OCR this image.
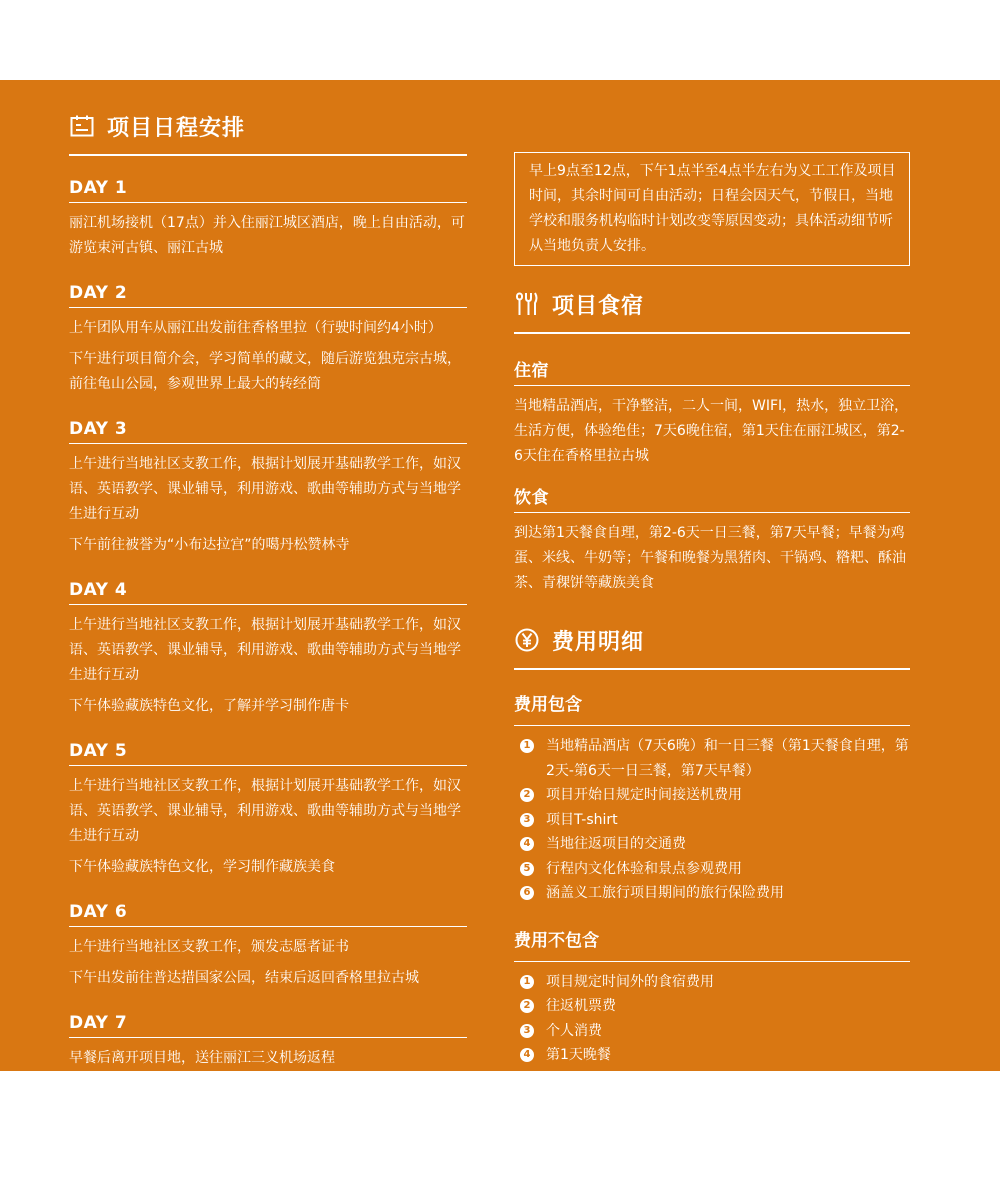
项目日程安排
DAY 1
丽江机场接机（17点）并入住丽江城区酒店，晚上自由活动，可游览束河古镇、丽江古城
DAY 2
上午团队用车从丽江出发前往香格里拉（行驶时间约4小时）
下午进行项目简介会，学习简单的藏文，随后游览独克宗古城，前往龟山公园，参观世界上最大的转经筒
DAY 3
上午进行当地社区支教工作，根据计划展开基础教学工作，如汉语、英语教学、课业辅导，利用游戏、歌曲等辅助方式与当地学生进行互动
下午前往被誉为“小布达拉宫”的噶丹松赞林寺
DAY 4
上午进行当地社区支教工作，根据计划展开基础教学工作，如汉语、英语教学、课业辅导，利用游戏、歌曲等辅助方式与当地学生进行互动
下午体验藏族特色文化，了解并学习制作唐卡
DAY 5
上午进行当地社区支教工作，根据计划展开基础教学工作，如汉语、英语教学、课业辅导，利用游戏、歌曲等辅助方式与当地学生进行互动
下午体验藏族特色文化，学习制作藏族美食
DAY 6
上午进行当地社区支教工作，颁发志愿者证书
下午出发前往普达措国家公园，结束后返回香格里拉古城
DAY 7
早餐后离开项目地，送往丽江三义机场返程
早上9点至12点，下午1点半至4点半左右为义工工作及项目时间，其余时间可自由活动；日程会因天气，节假日，当地学校和服务机构临时计划改变等原因变动；具体活动细节听从当地负责人安排。
项目食宿
住宿
当地精品酒店，干净整洁，二人一间，WIFI，热水，独立卫浴，生活方便，体验绝佳；7天6晚住宿，第1天住在丽江城区，第2-6天住在香格里拉古城
饮食
到达第1天餐食自理，第2-6天一日三餐，第7天早餐；早餐为鸡蛋、米线、牛奶等；午餐和晚餐为黑猪肉、干锅鸡、糌粑、酥油茶、青稞饼等藏族美食
费用明细
费用包含
1 当地精品酒店（7天6晚）和一日三餐（第1天餐食自理，第2天-第6天一日三餐，第7天早餐）
2 项目开始日规定时间接送机费用
3 项目T-shirt
4 当地往返项目的交通费
5 行程内文化体验和景点参观费用
6 涵盖义工旅行项目期间的旅行保险费用
费用不包含
1 项目规定时间外的食宿费用
2 往返机票费
3 个人消费
4 第1天晚餐
